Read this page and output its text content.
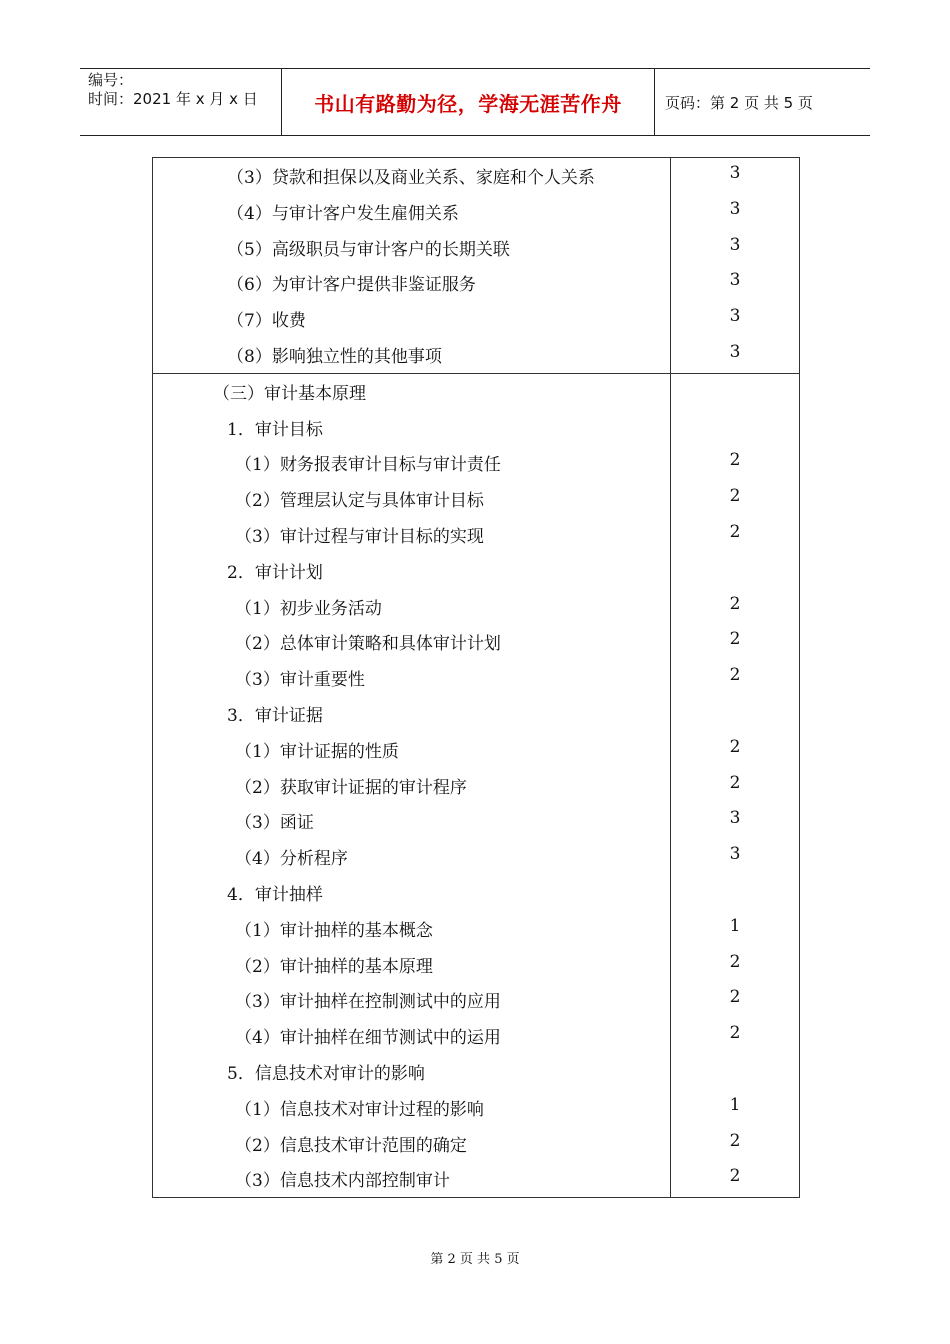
编号：
时间：2021 年 x 月 x 日	书山有路勤为径，学海无涯苦作舟	页码：第 2 页 共 5 页
（3）贷款和担保以及商业关系、家庭和个人关系	3
（4）与审计客户发生雇佣关系	3
（5）高级职员与审计客户的长期关联	3
（6）为审计客户提供非鉴证服务	3
（7）收费	3
（8）影响独立性的其他事项	3
（三）审计基本原理
1．审计目标
（1）财务报表审计目标与审计责任	2
（2）管理层认定与具体审计目标	2
（3）审计过程与审计目标的实现	2
2．审计计划
（1）初步业务活动	2
（2）总体审计策略和具体审计计划	2
（3）审计重要性	2
3．审计证据
（1）审计证据的性质	2
（2）获取审计证据的审计程序	2
（3）函证	3
（4）分析程序	3
4．审计抽样
（1）审计抽样的基本概念	1
（2）审计抽样的基本原理	2
（3）审计抽样在控制测试中的应用	2
（4）审计抽样在细节测试中的运用	2
5．信息技术对审计的影响
（1）信息技术对审计过程的影响	1
（2）信息技术审计范围的确定	2
（3）信息技术内部控制审计	2
第 2 页 共 5 页
